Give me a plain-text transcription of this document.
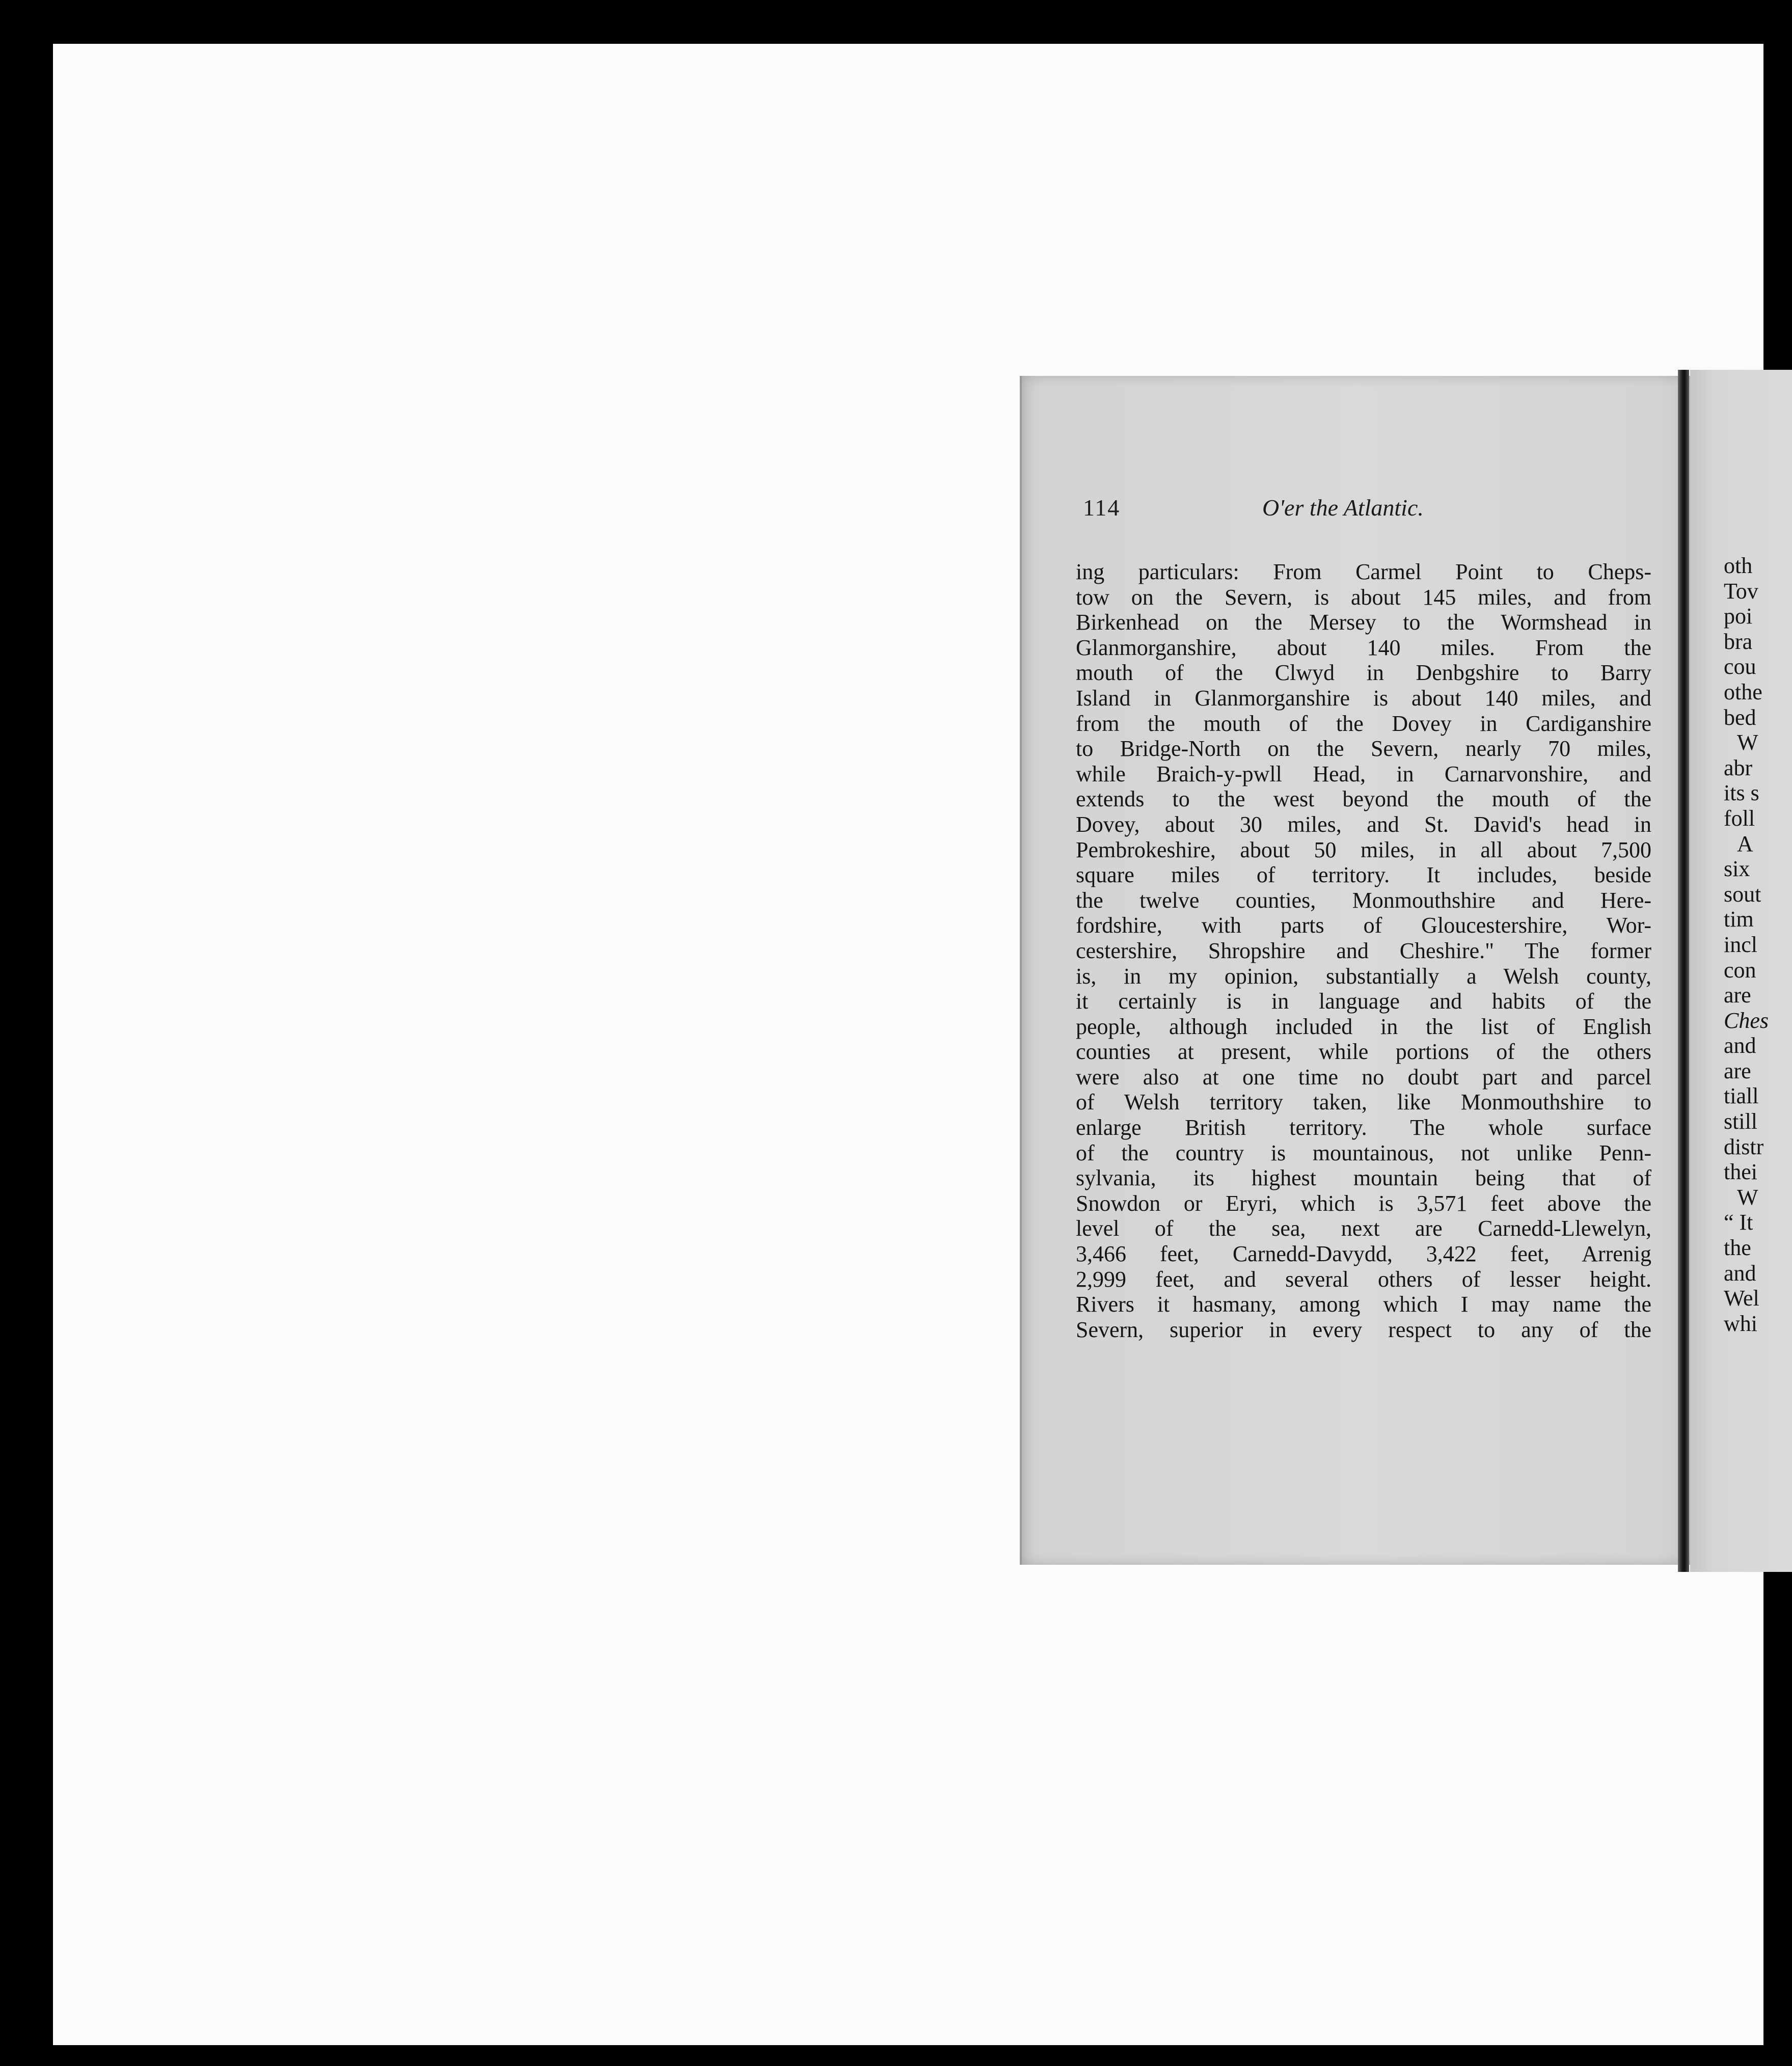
114	O'er the Atlantic.
ing particulars: From Carmel Point to Cheps-
tow on the Severn, is about 145 miles, and from
Birkenhead on the Mersey to the Wormshead in
Glanmorganshire, about 140 miles. From the
mouth of the Clwyd in Denbgshire to Barry
Island in Glanmorganshire is about 140 miles, and
from the mouth of the Dovey in Cardiganshire
to Bridge-North on the Severn, nearly 70 miles,
while Braich-y-pwll Head, in Carnarvonshire, and
extends to the west beyond the mouth of the
Dovey, about 30 miles, and St. David's head in
Pembrokeshire, about 50 miles, in all about 7,500
square miles of territory. It includes, beside
the twelve counties, Monmouthshire and Here-
fordshire, with parts of Gloucestershire, Wor-
cestershire, Shropshire and Cheshire." The former
is, in my opinion, substantially a Welsh county,
it certainly is in language and habits of the
people, although included in the list of English
counties at present, while portions of the others
were also at one time no doubt part and parcel
of Welsh territory taken, like Monmouthshire to
enlarge British territory. The whole surface
of the country is mountainous, not unlike Penn-
sylvania, its highest mountain being that of
Snowdon or Eryri, which is 3,571 feet above the
level of the sea, next are Carnedd-Llewelyn,
3,466 feet, Carnedd-Davydd, 3,422 feet, Arrenig
2,999 feet, and several others of lesser height.
Rivers it hasmany, among which I may name the
Severn, superior in every respect to any of the
oth
Tov
poi
bra
cou
othe
bed
W
abr
its s
foll
A
six
sout
tim
incl
con
are
Ches
and
are
tiall
still
distr
thei
W
“ It
the
and
Wel
whi
